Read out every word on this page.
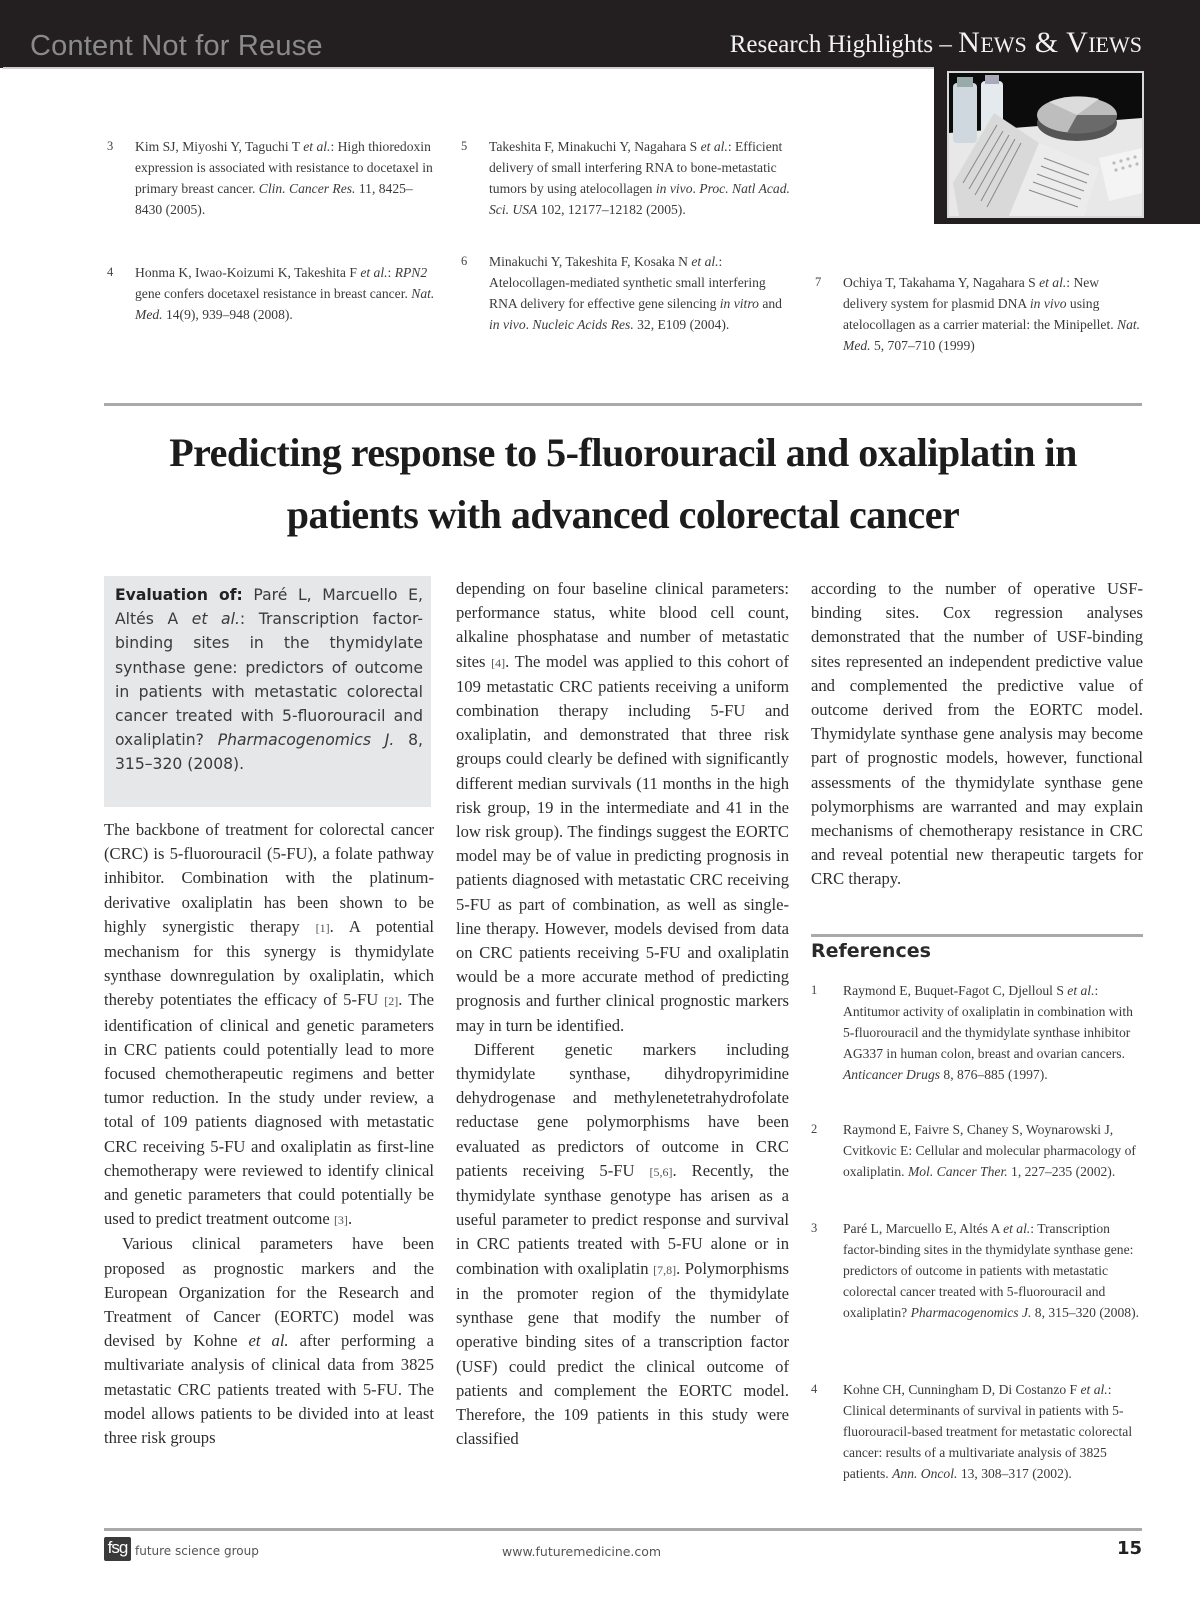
Content Not for Reuse	Research Highlights – NEWS & VIEWS
3 Kim SJ, Miyoshi Y, Taguchi T et al.: High thioredoxin expression is associated with resistance to docetaxel in primary breast cancer. Clin. Cancer Res. 11, 8425–8430 (2005).
4 Honma K, Iwao-Koizumi K, Takeshita F et al.: RPN2 gene confers docetaxel resistance in breast cancer. Nat. Med. 14(9), 939–948 (2008).
5 Takeshita F, Minakuchi Y, Nagahara S et al.: Efficient delivery of small interfering RNA to bone-metastatic tumors by using atelocollagen in vivo. Proc. Natl Acad. Sci. USA 102, 12177–12182 (2005).
6 Minakuchi Y, Takeshita F, Kosaka N et al.: Atelocollagen-mediated synthetic small interfering RNA delivery for effective gene silencing in vitro and in vivo. Nucleic Acids Res. 32, E109 (2004).
7 Ochiya T, Takahama Y, Nagahara S et al.: New delivery system for plasmid DNA in vivo using atelocollagen as a carrier material: the Minipellet. Nat. Med. 5, 707–710 (1999)
Predicting response to 5-fluorouracil and oxaliplatin in
patients with advanced colorectal cancer
Evaluation of: Paré L, Marcuello E, Altés A et al.: Transcription factor-binding sites in the thymidylate synthase gene: predictors of outcome in patients with metastatic colorectal cancer treated with 5-fluorouracil and oxaliplatin? Pharmacogenomics J. 8, 315–320 (2008).

The backbone of treatment for colorectal cancer (CRC) is 5-fluorouracil (5-FU), a folate pathway inhibitor. Combination with the platinum-derivative oxaliplatin has been shown to be highly synergistic therapy [1]. A potential mechanism for this synergy is thymidylate synthase downregulation by oxaliplatin, which thereby potentiates the efficacy of 5-FU [2]. The identification of clinical and genetic parameters in CRC patients could potentially lead to more focused chemotherapeutic regimens and better tumor reduction. In the study under review, a total of 109 patients diagnosed with metastatic CRC receiving 5-FU and oxaliplatin as first-line chemotherapy were reviewed to identify clinical and genetic parameters that could potentially be used to predict treatment outcome [3].

Various clinical parameters have been proposed as prognostic markers and the European Organization for the Research and Treatment of Cancer (EORTC) model was devised by Kohne et al. after performing a multivariate analysis of clinical data from 3825 metastatic CRC patients treated with 5-FU. The model allows patients to be divided into at least three risk groups

depending on four baseline clinical parameters: performance status, white blood cell count, alkaline phosphatase and number of metastatic sites [4]. The model was applied to this cohort of 109 metastatic CRC patients receiving a uniform combination therapy including 5-FU and oxaliplatin, and demonstrated that three risk groups could clearly be defined with significantly different median survivals (11 months in the high risk group, 19 in the intermediate and 41 in the low risk group). The findings suggest the EORTC model may be of value in predicting prognosis in patients diagnosed with metastatic CRC receiving 5-FU as part of combination, as well as single-line therapy. However, models devised from data on CRC patients receiving 5-FU and oxaliplatin would be a more accurate method of predicting prognosis and further clinical prognostic markers may in turn be identified.

Different genetic markers including thymidylate synthase, dihydropyrimidine dehydrogenase and methylenetetrahydrofolate reductase gene polymorphisms have been evaluated as predictors of outcome in CRC patients receiving 5-FU [5,6]. Recently, the thymidylate synthase genotype has arisen as a useful parameter to predict response and survival in CRC patients treated with 5-FU alone or in combination with oxaliplatin [7,8]. Polymorphisms in the promoter region of the thymidylate synthase gene that modify the number of operative binding sites of a transcription factor (USF) could predict the clinical outcome of patients and complement the EORTC model. Therefore, the 109 patients in this study were classified

according to the number of operative USF-binding sites. Cox regression analyses demonstrated that the number of USF-binding sites represented an independent predictive value and complemented the predictive value of outcome derived from the EORTC model. Thymidylate synthase gene analysis may become part of prognostic models, however, functional assessments of the thymidylate synthase gene polymorphisms are warranted and may explain mechanisms of chemotherapy resistance in CRC and reveal potential new therapeutic targets for CRC therapy.

References
1 Raymond E, Buquet-Fagot C, Djelloul S et al.: Antitumor activity of oxaliplatin in combination with 5-fluorouracil and the thymidylate synthase inhibitor AG337 in human colon, breast and ovarian cancers. Anticancer Drugs 8, 876–885 (1997).
2 Raymond E, Faivre S, Chaney S, Woynarowski J, Cvitkovic E: Cellular and molecular pharmacology of oxaliplatin. Mol. Cancer Ther. 1, 227–235 (2002).
3 Paré L, Marcuello E, Altés A et al.: Transcription factor-binding sites in the thymidylate synthase gene: predictors of outcome in patients with metastatic colorectal cancer treated with 5-fluorouracil and oxaliplatin? Pharmacogenomics J. 8, 315–320 (2008).
4 Kohne CH, Cunningham D, Di Costanzo F et al.: Clinical determinants of survival in patients with 5-fluorouracil-based treatment for metastatic colorectal cancer: results of a multivariate analysis of 3825 patients. Ann. Oncol. 13, 308–317 (2002).
fsg future science group	www.futuremedicine.com	15
